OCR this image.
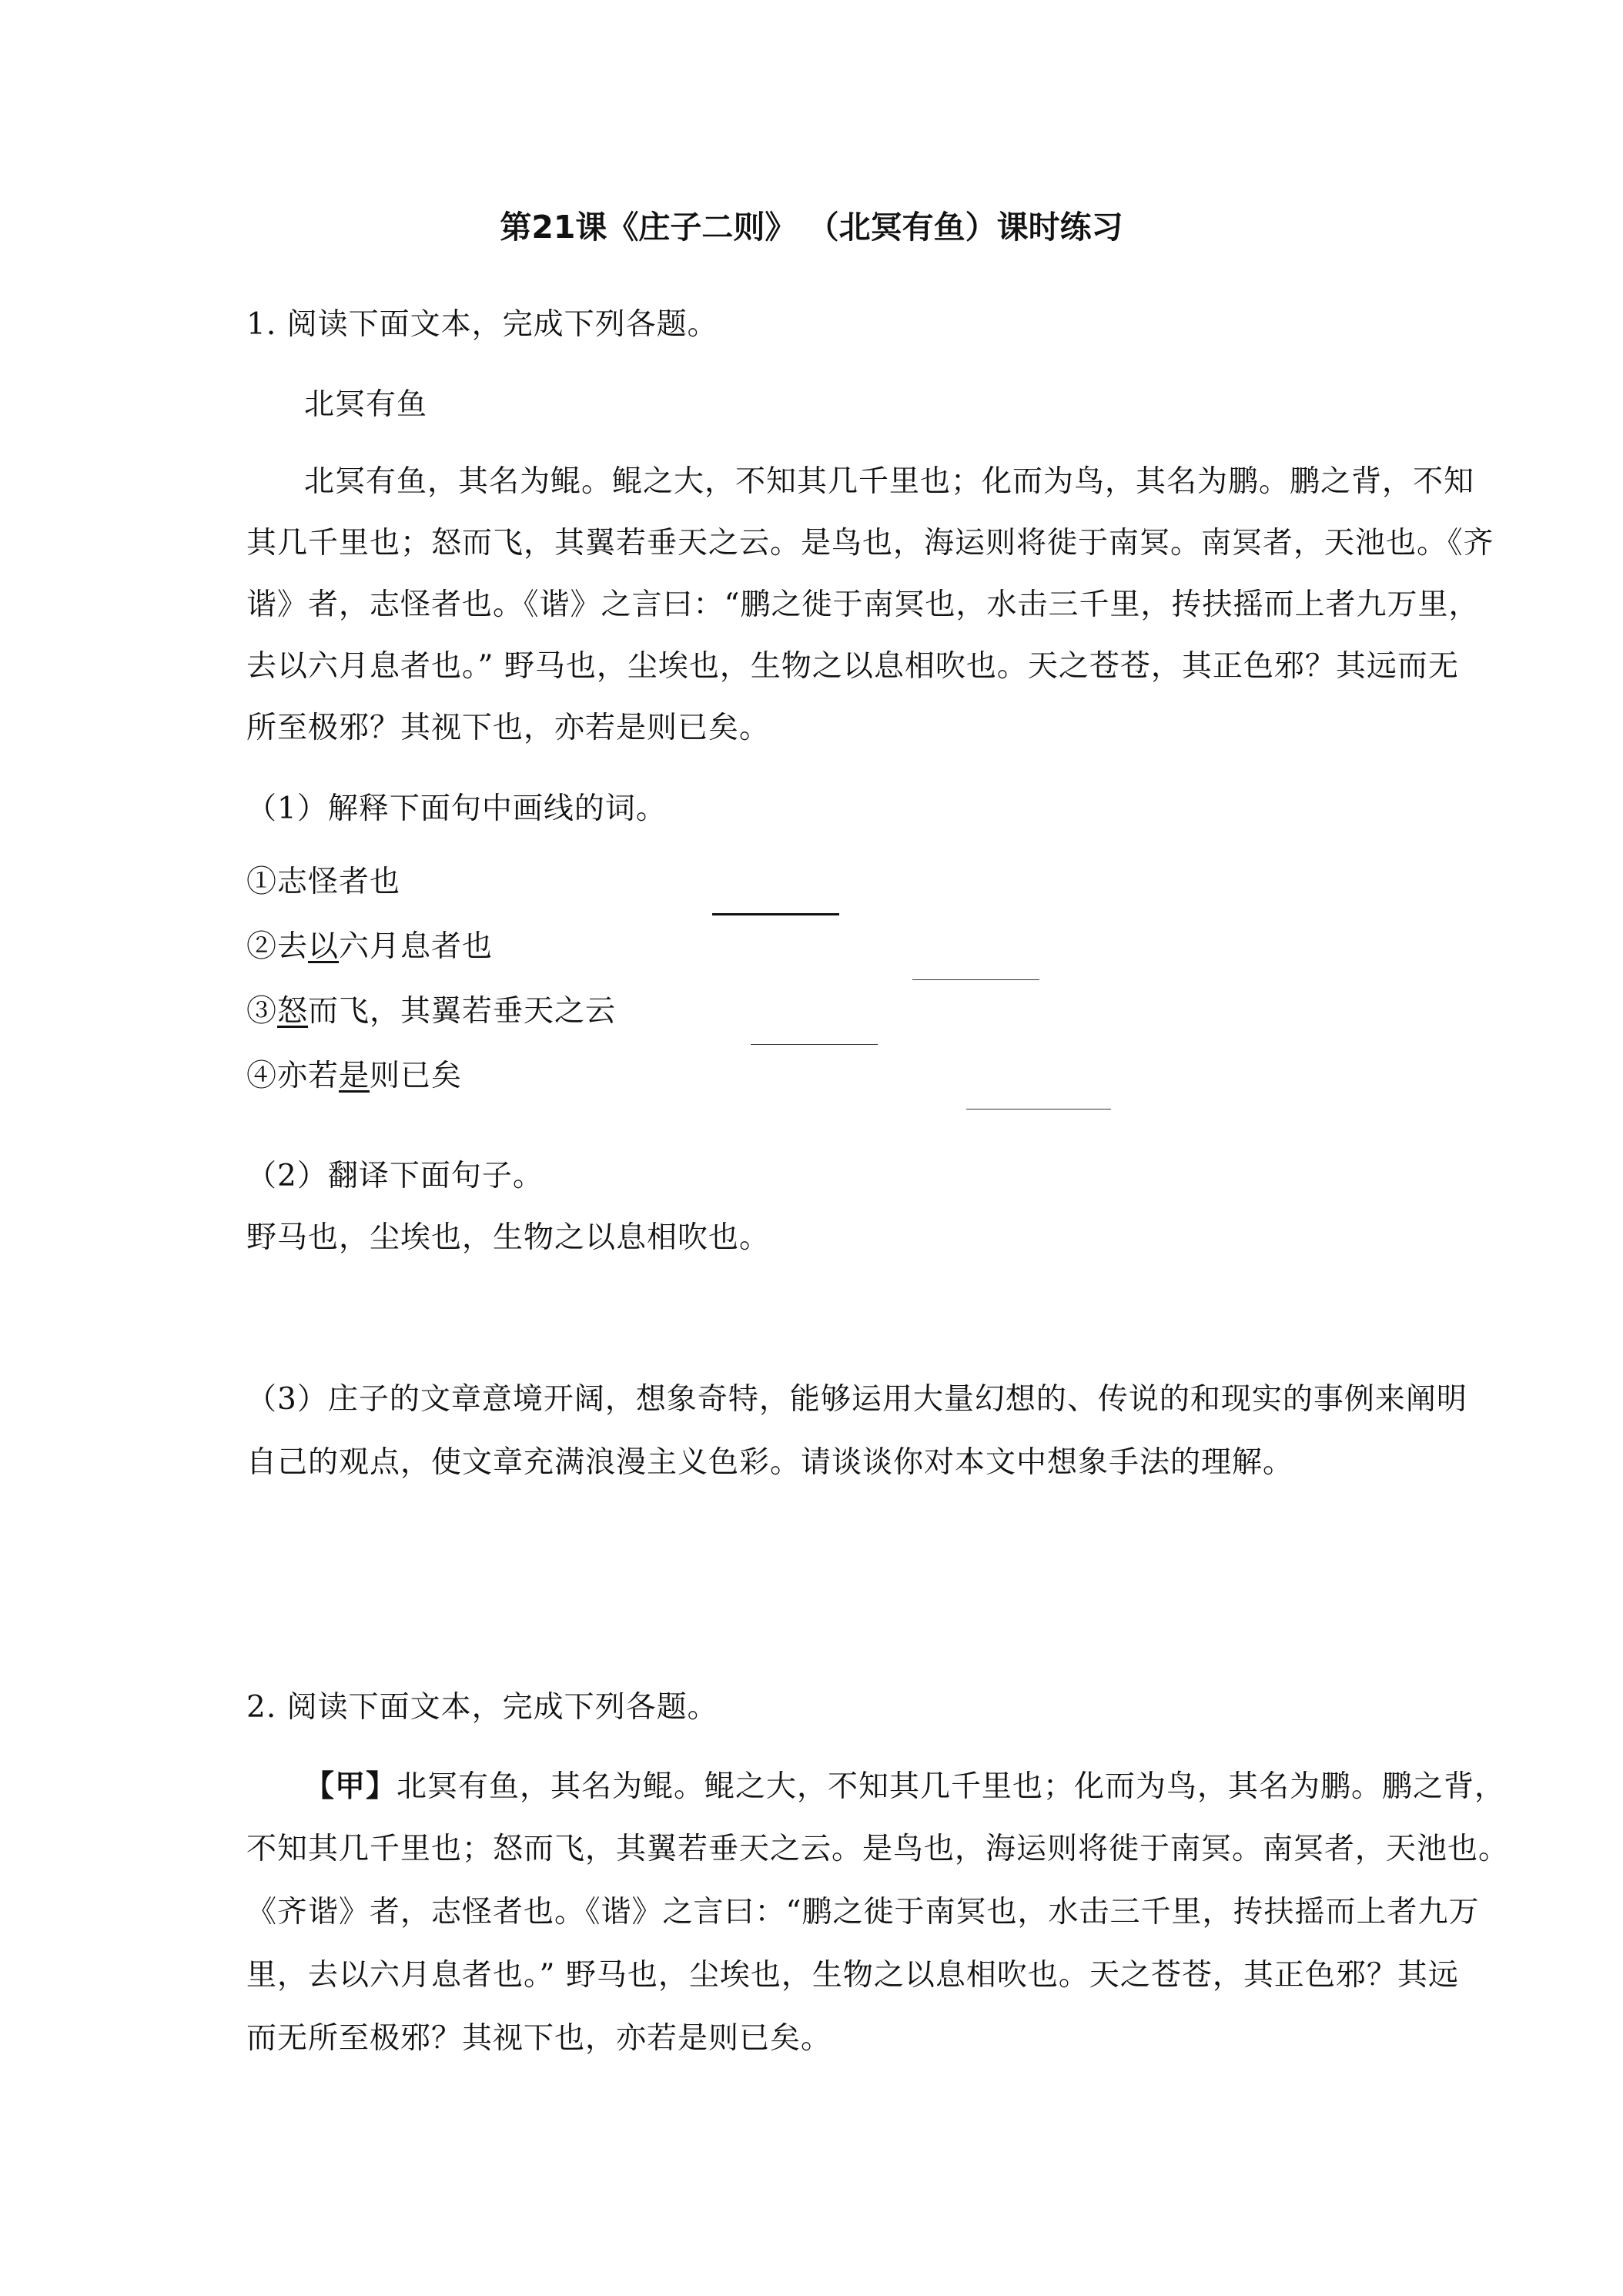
第21课《庄子二则》 （北冥有鱼）课时练习
1. 阅读下面文本，完成下列各题。
北冥有鱼
北冥有鱼，其名为鲲。鲲之大，不知其几千里也；化而为鸟，其名为鹏。鹏之背，不知
其几千里也；怒而飞，其翼若垂天之云。是鸟也，海运则将徙于南冥。南冥者，天池也。《齐
谐》者，志怪者也。《谐》之言曰：“鹏之徙于南冥也，水击三千里，抟扶摇而上者九万里，
去以六月息者也。” 野马也，尘埃也，生物之以息相吹也。天之苍苍，其正色邪？其远而无
所至极邪？其视下也，亦若是则已矣。
（1）解释下面句中画线的词。
①志怪者也
②去以六月息者也
③怒而飞，其翼若垂天之云
④亦若是则已矣
（2）翻译下面句子。
野马也，尘埃也，生物之以息相吹也。
（3）庄子的文章意境开阔，想象奇特，能够运用大量幻想的、传说的和现实的事例来阐明
自己的观点，使文章充满浪漫主义色彩。请谈谈你对本文中想象手法的理解。
2. 阅读下面文本，完成下列各题。
【甲】北冥有鱼，其名为鲲。鲲之大，不知其几千里也；化而为鸟，其名为鹏。鹏之背，
不知其几千里也；怒而飞，其翼若垂天之云。是鸟也，海运则将徙于南冥。南冥者，天池也。
《齐谐》者，志怪者也。《谐》之言曰：“鹏之徙于南冥也，水击三千里，抟扶摇而上者九万
里，去以六月息者也。” 野马也，尘埃也，生物之以息相吹也。天之苍苍，其正色邪？其远
而无所至极邪？其视下也，亦若是则已矣。
